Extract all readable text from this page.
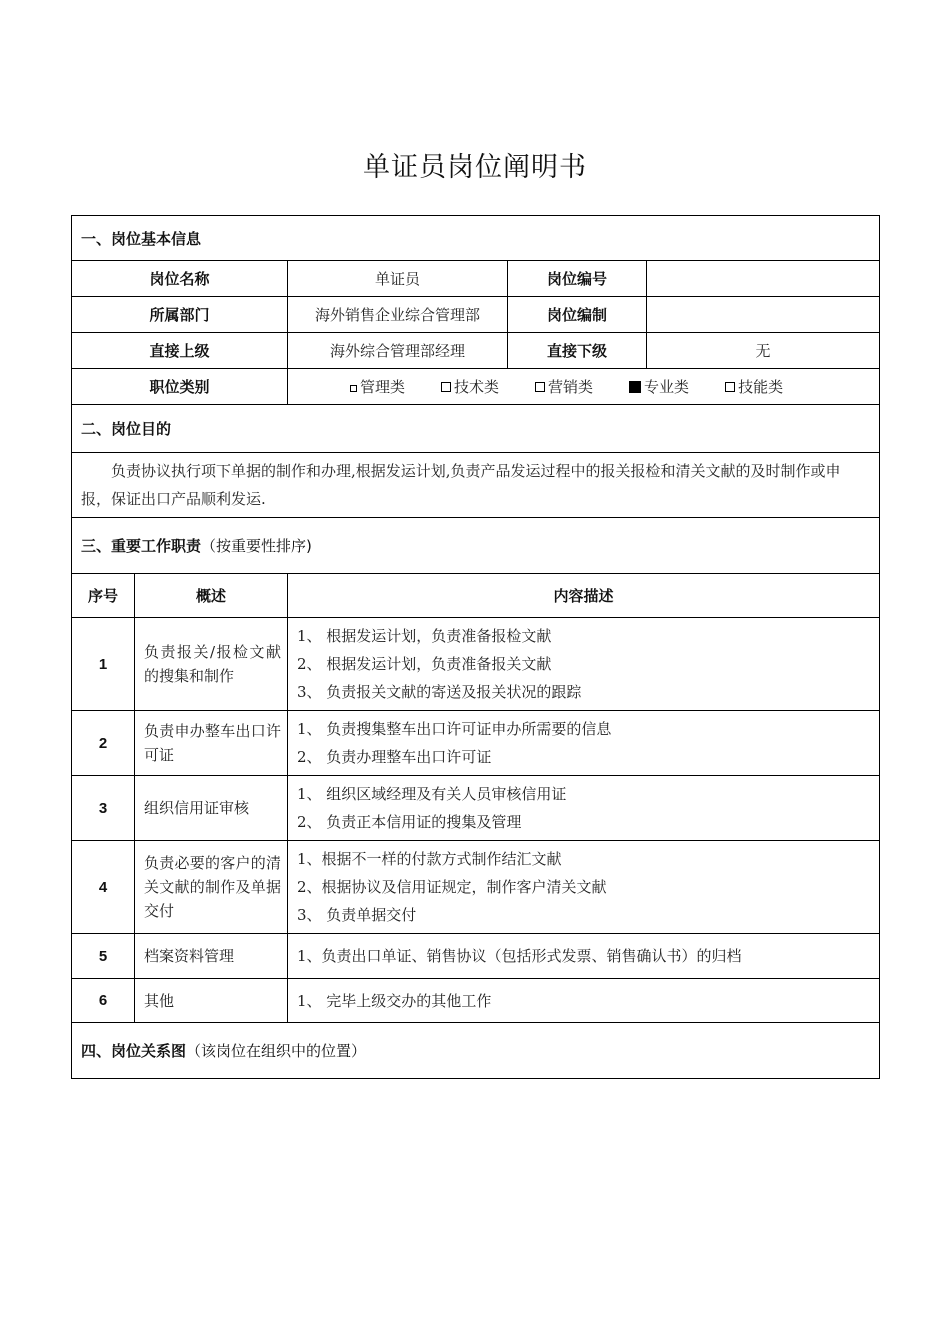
单证员岗位阐明书
一、岗位基本信息				
岗位名称		单证员	岗位编号	
所属部门		海外销售企业综合管理部	岗位编制	
直接上级		海外综合管理部经理	直接下级	无
职位类别		管理类 技术类 营销类 专业类 技能类		

二、岗位目的				
负责协议执行项下单据的制作和办理,根据发运计划,负责产品发运过程中的报关报检和清关文献的及时制作或申报，保证出口产品顺利发运.				
三、重要工作职责（按重要性排序)				
序号	概述	内容描述		
1	负责报关/报检文献的搜集和制作	1、 根据发运计划，负责准备报检文献
2、 根据发运计划，负责准备报关文献
3、 负责报关文献的寄送及报关状况的跟踪		

2	负责申办整车出口许可证	1、 负责搜集整车出口许可证申办所需要的信息
2、 负责办理整车出口许可证		

3	组织信用证审核	1、 组织区域经理及有关人员审核信用证
2、 负责正本信用证的搜集及管理		

4	负责必要的客户的清关文献的制作及单据交付	1、根据不一样的付款方式制作结汇文献
2、根据协议及信用证规定，制作客户清关文献
3、 负责单据交付		

5	档案资料管理	1、负责出口单证、销售协议（包括形式发票、销售确认书）的归档		

6	其他	1、 完毕上级交办的其他工作		

四、岗位关系图（该岗位在组织中的位置）				
